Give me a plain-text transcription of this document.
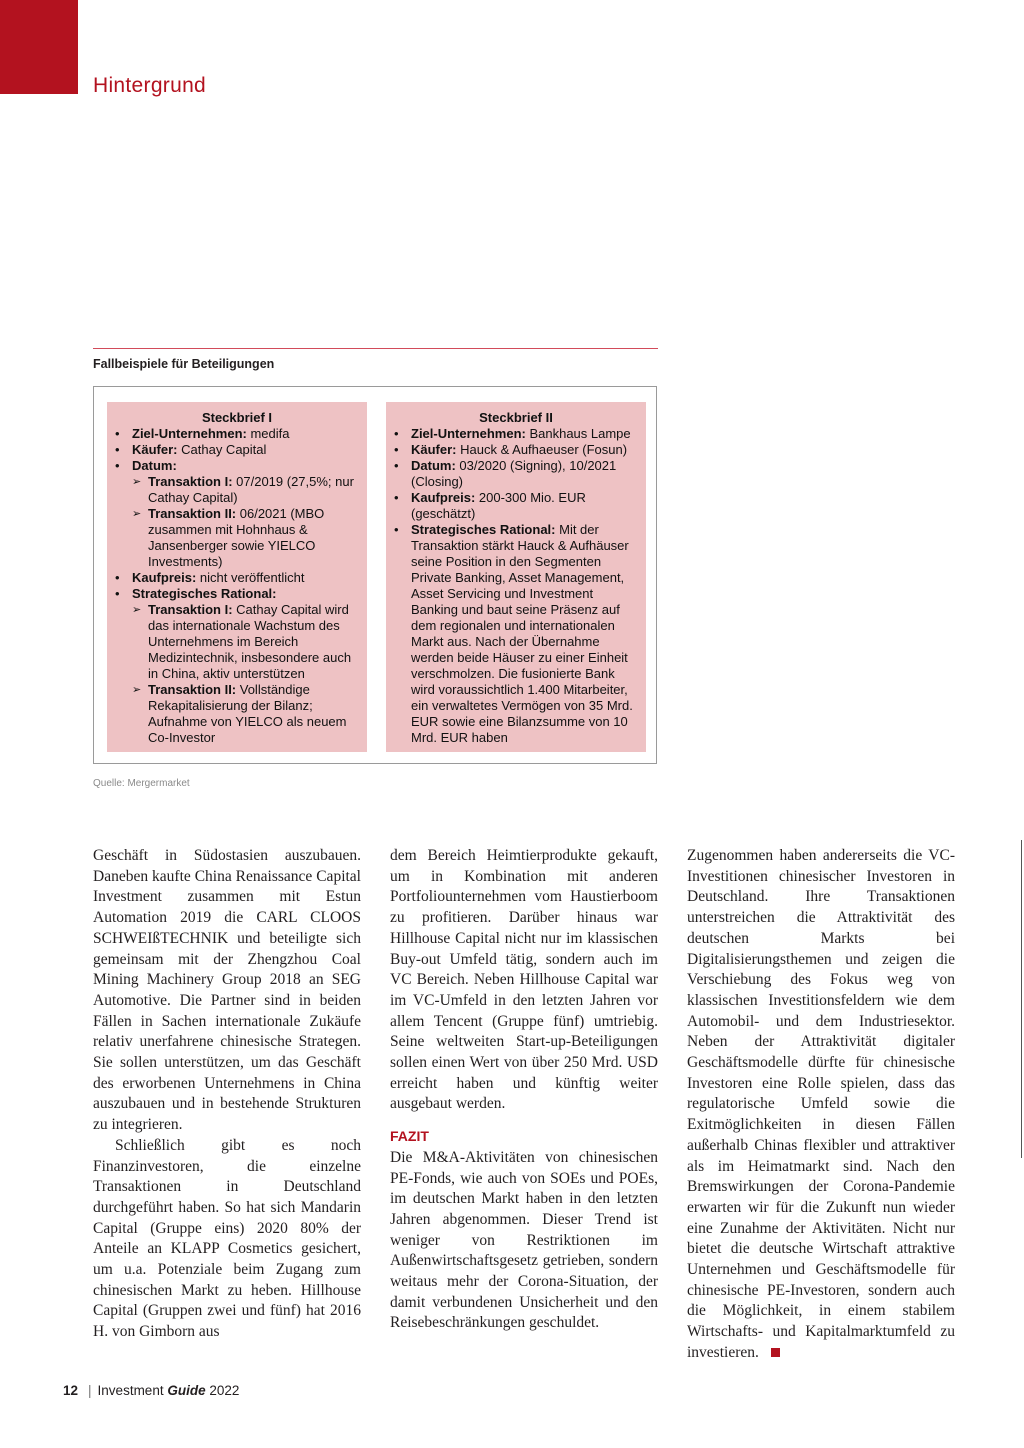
Hintergrund
Fallbeispiele für Beteiligungen
Steckbrief I
• Ziel-Unternehmen: medifa
• Käufer: Cathay Capital
• Datum:
➢ Transaktion I: 07/2019 (27,5%; nur Cathay Capital)
➢ Transaktion II: 06/2021 (MBO zusammen mit Hohnhaus & Jansenberger sowie YIELCO Investments)
• Kaufpreis: nicht veröffentlicht
• Strategisches Rational:
➢ Transaktion I: Cathay Capital wird das internationale Wachstum des Unternehmens im Bereich Medizintechnik, insbesondere auch in China, aktiv unterstützen
➢ Transaktion II: Vollständige Rekapitalisierung der Bilanz; Aufnahme von YIELCO als neuem Co-Investor
Steckbrief II
• Ziel-Unternehmen: Bankhaus Lampe
• Käufer: Hauck & Aufhaeuser (Fosun)
• Datum: 03/2020 (Signing), 10/2021 (Closing)
• Kaufpreis: 200-300 Mio. EUR (geschätzt)
• Strategisches Rational: Mit der Transaktion stärkt Hauck & Aufhäuser seine Position in den Segmenten Private Banking, Asset Management, Asset Servicing und Investment Banking und baut seine Präsenz auf dem regionalen und internationalen Markt aus. Nach der Übernahme werden beide Häuser zu einer Einheit verschmolzen. Die fusionierte Bank wird voraussichtlich 1.400 Mitarbeiter, ein verwaltetes Vermögen von 35 Mrd. EUR sowie eine Bilanzsumme von 10 Mrd. EUR haben
Quelle: Mergermarket

Geschäft in Südostasien auszubauen. Daneben kaufte China Renaissance Capital Investment zusammen mit Estun Automation 2019 die CARL CLOOS SCHWEIßTECHNIK und beteiligte sich gemeinsam mit der Zhengzhou Coal Mining Machinery Group 2018 an SEG Automotive. Die Partner sind in beiden Fällen in Sachen internationale Zukäufe relativ unerfahrene chinesische Strategen. Sie sollen unterstützen, um das Geschäft des erworbenen Unternehmens in China auszubauen und in bestehende Strukturen zu integrieren.

Schließlich gibt es noch Finanzinvestoren, die einzelne Transaktionen in Deutschland durchgeführt haben. So hat sich Mandarin Capital (Gruppe eins) 2020 80% der Anteile an KLAPP Cosmetics gesichert, um u.a. Potenziale beim Zugang zum chinesischen Markt zu heben. Hillhouse Capital (Gruppen zwei und fünf) hat 2016 H. von Gimborn aus

dem Bereich Heimtierprodukte gekauft, um in Kombination mit anderen Portfoliounternehmen vom Haustierboom zu profitieren. Darüber hinaus war Hillhouse Capital nicht nur im klassischen Buy-out Umfeld tätig, sondern auch im VC Bereich. Neben Hillhouse Capital war im VC-Umfeld in den letzten Jahren vor allem Tencent (Gruppe fünf) umtriebig. Seine weltweiten Start-up-Beteiligungen sollen einen Wert von über 250 Mrd. USD erreicht haben und künftig weiter ausgebaut werden.

FAZIT

Die M&A-Aktivitäten von chinesischen PE-Fonds, wie auch von SOEs und POEs, im deutschen Markt haben in den letzten Jahren abgenommen. Dieser Trend ist weniger von Restriktionen im Außenwirtschaftsgesetz getrieben, sondern weitaus mehr der Corona-Situation, der damit verbundenen Unsicherheit und den Reisebeschränkungen geschuldet.

Zugenommen haben andererseits die VC-Investitionen chinesischer Investoren in Deutschland. Ihre Transaktionen unterstreichen die Attraktivität des deutschen Markts bei Digitalisierungsthemen und zeigen die Verschiebung des Fokus weg von klassischen Investitionsfeldern wie dem Automobil- und dem Industriesektor. Neben der Attraktivität digitaler Geschäftsmodelle dürfte für chinesische Investoren eine Rolle spielen, dass das regulatorische Umfeld sowie die Exitmöglichkeiten in diesen Fällen außerhalb Chinas flexibler und attraktiver als im Heimatmarkt sind. Nach den Bremswirkungen der Corona-Pandemie erwarten wir für die Zukunft nun wieder eine Zunahme der Aktivitäten. Nicht nur bietet die deutsche Wirtschaft attraktive Unternehmen und Geschäftsmodelle für chinesische PE-Investoren, sondern auch die Möglichkeit, in einem stabilem Wirtschafts- und Kapitalmarktumfeld zu investieren.

12 | Investment Guide 2022
